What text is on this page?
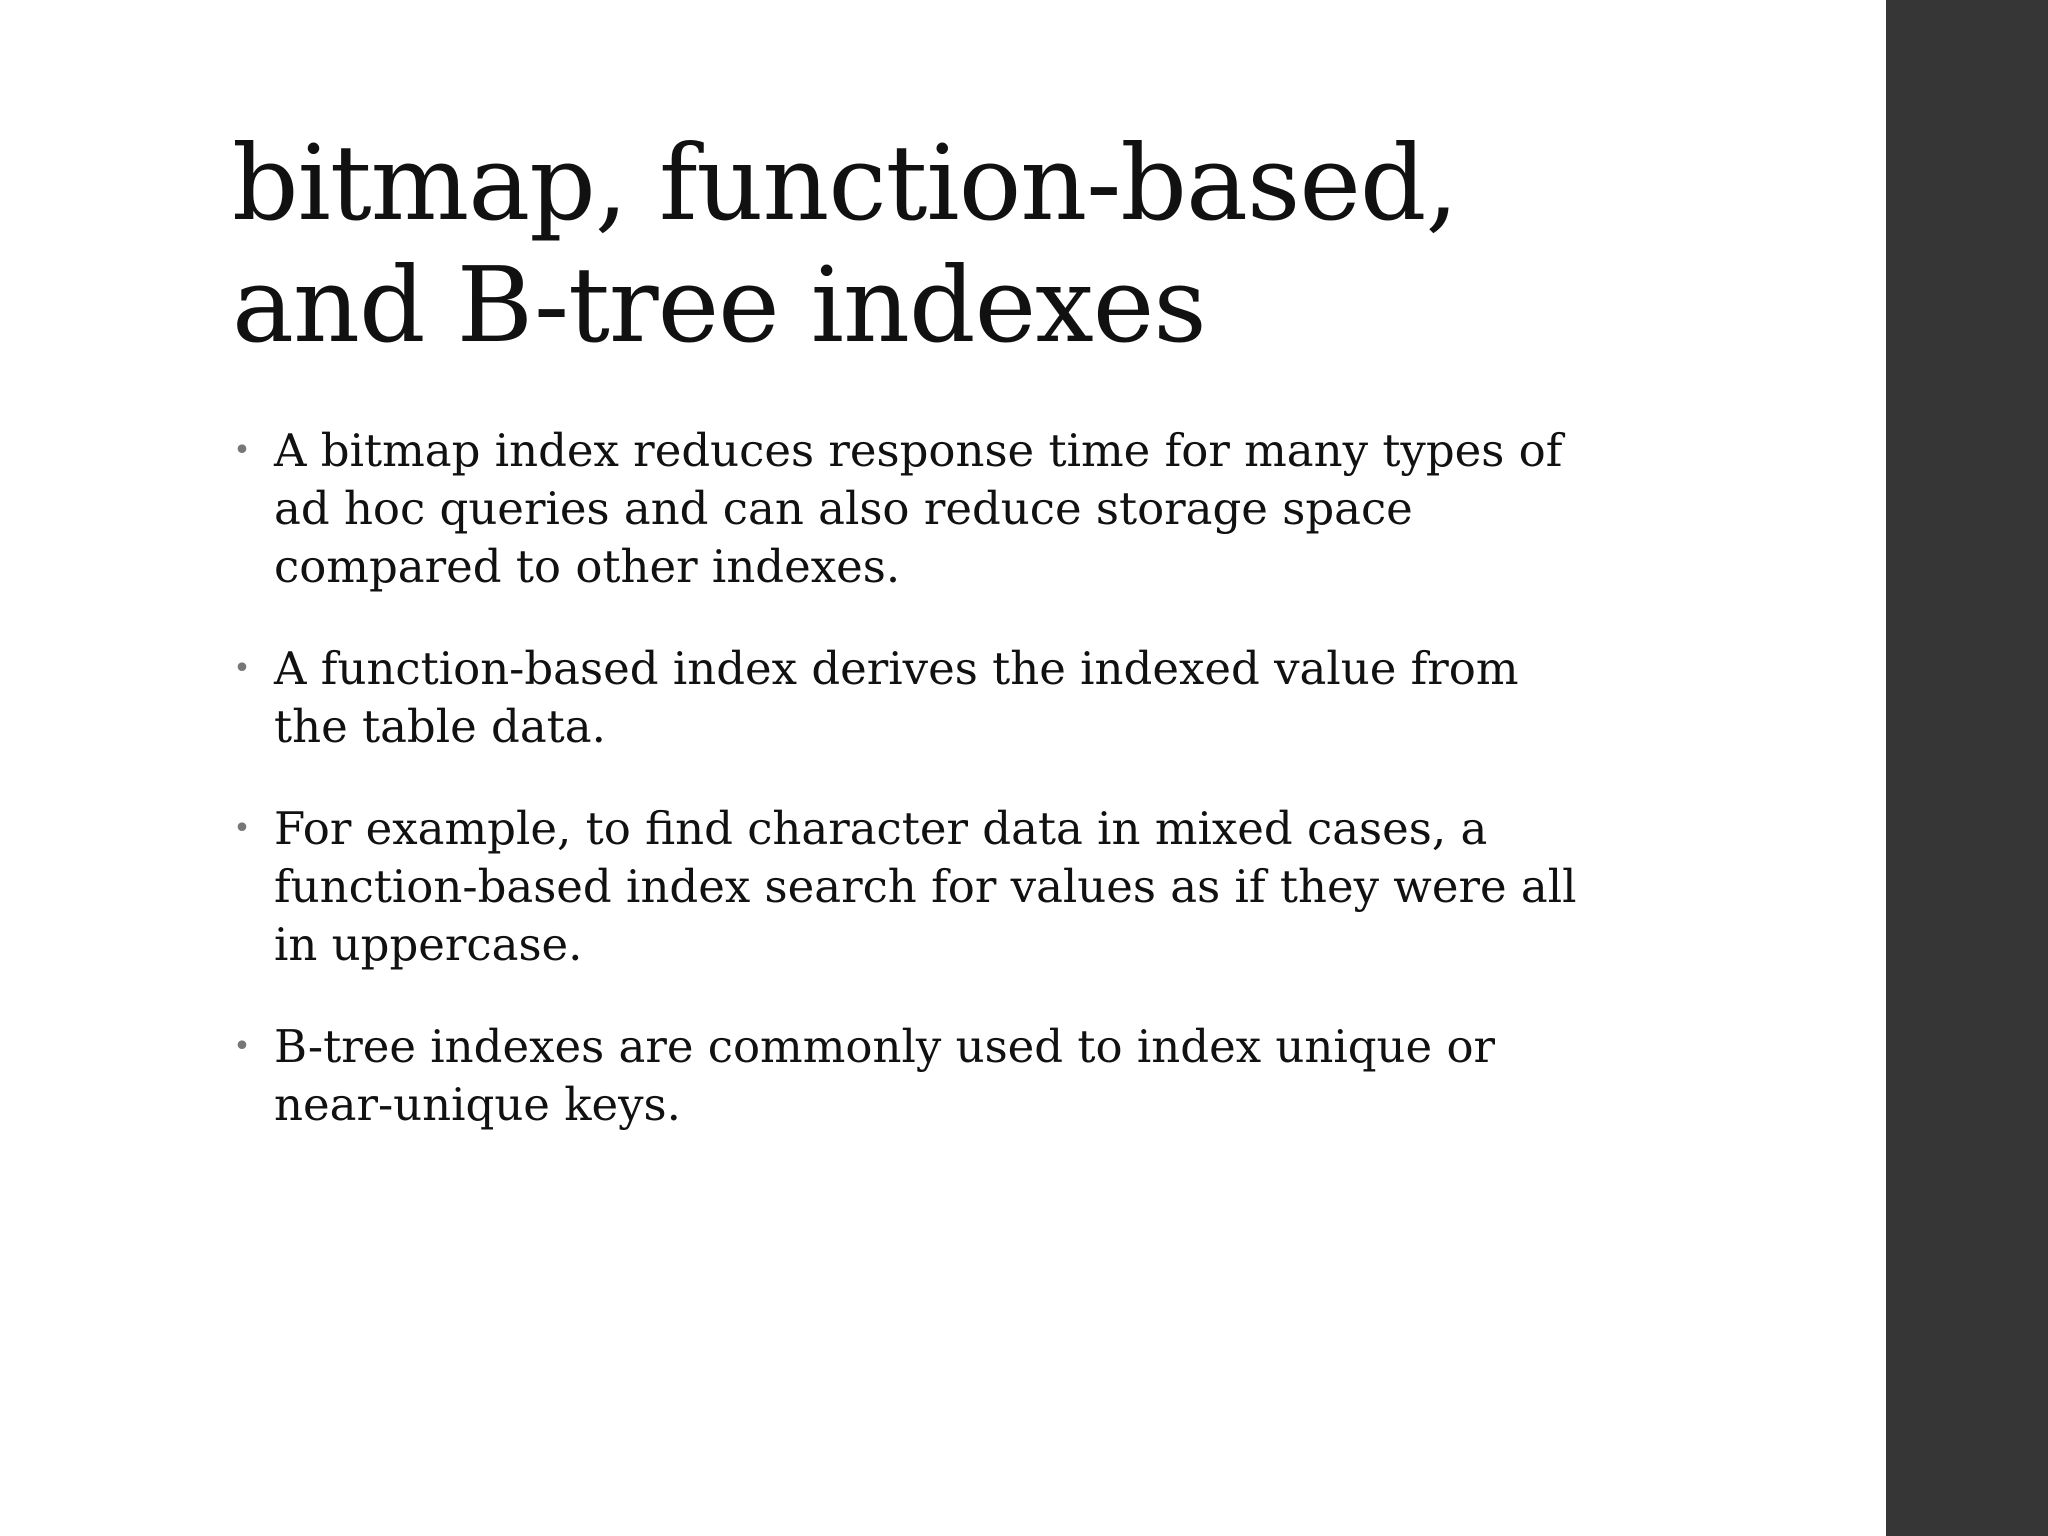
bitmap, function-based,
and B-tree indexes
• A bitmap index reduces response time for many types of
ad hoc queries and can also reduce storage space
compared to other indexes.
• A function-based index derives the indexed value from
the table data.
• For example, to find character data in mixed cases, a
function-based index search for values as if they were all
in uppercase.
• B-tree indexes are commonly used to index unique or
near-unique keys.
